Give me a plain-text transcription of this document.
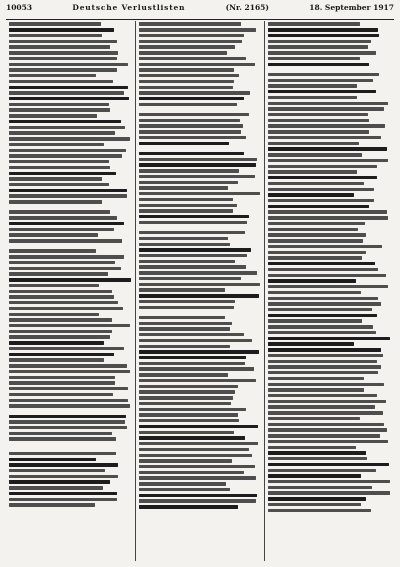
10053	Deutsche Verlustlisten	(Nr. 2165)	18. September 1917
